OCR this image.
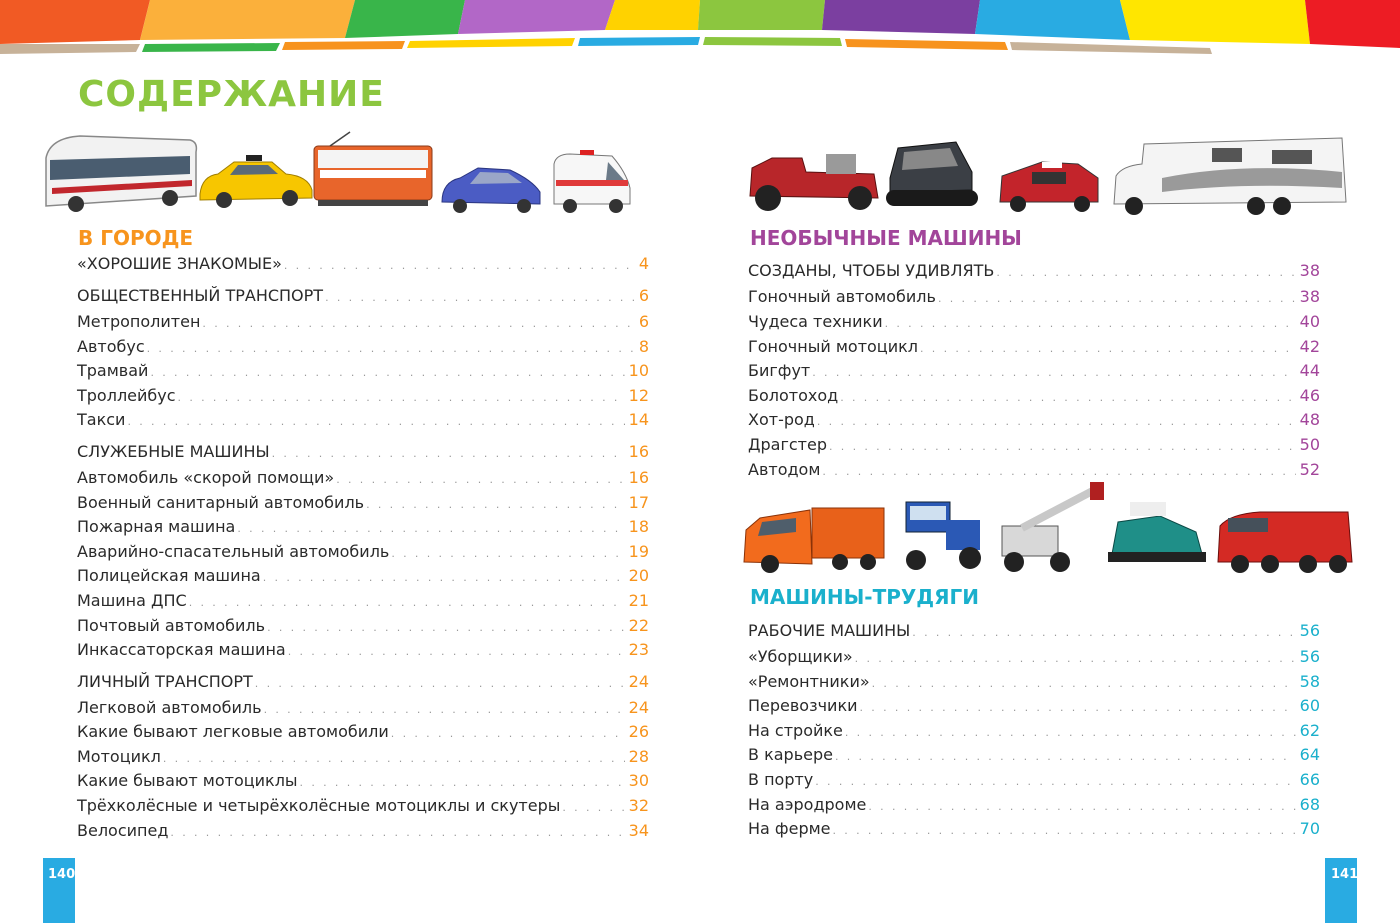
СОДЕРЖАНИЕ
В ГОРОДЕ
«ХОРОШИЕ ЗНАКОМЫЕ» . . .	4
ОБЩЕСТВЕННЫЙ ТРАНСПОРТ . . .	6
Метрополитен . . .	6
Автобус . . .	8
Трамвай . . .	10
Троллейбус . . .	12
Такси . . .	14
СЛУЖЕБНЫЕ МАШИНЫ . . .	16
Автомобиль «скорой помощи» . . .	16
Военный санитарный автомобиль . . .	17
Пожарная машина . . .	18
Аварийно-спасательный автомобиль . . .	19
Полицейская машина . . .	20
Машина ДПС . . .	21
Почтовый автомобиль . . .	22
Инкассаторская машина . . .	23
ЛИЧНЫЙ ТРАНСПОРТ . . .	24
Легковой автомобиль . . .	24
Какие бывают легковые автомобили . . .	26
Мотоцикл . . .	28
Какие бывают мотоциклы . . .	30
Трёхколёсные и четырёхколёсные мотоциклы и скутеры . . .	32
Велосипед . . .	34
НЕОБЫЧНЫЕ МАШИНЫ
СОЗДАНЫ, ЧТОБЫ УДИВЛЯТЬ . . .	38
Гоночный автомобиль . . .	38
Чудеса техники . . .	40
Гоночный мотоцикл . . .	42
Бигфут . . .	44
Болотоход . . .	46
Хот-род . . .	48
Драгстер . . .	50
Автодом . . .	52
МАШИНЫ-ТРУДЯГИ
РАБОЧИЕ МАШИНЫ . . .	56
«Уборщики» . . .	56
«Ремонтники» . . .	58
Перевозчики . . .	60
На стройке . . .	62
В карьере . . .	64
В порту . . .	66
На аэродроме . . .	68
На ферме . . .	70
140	141
